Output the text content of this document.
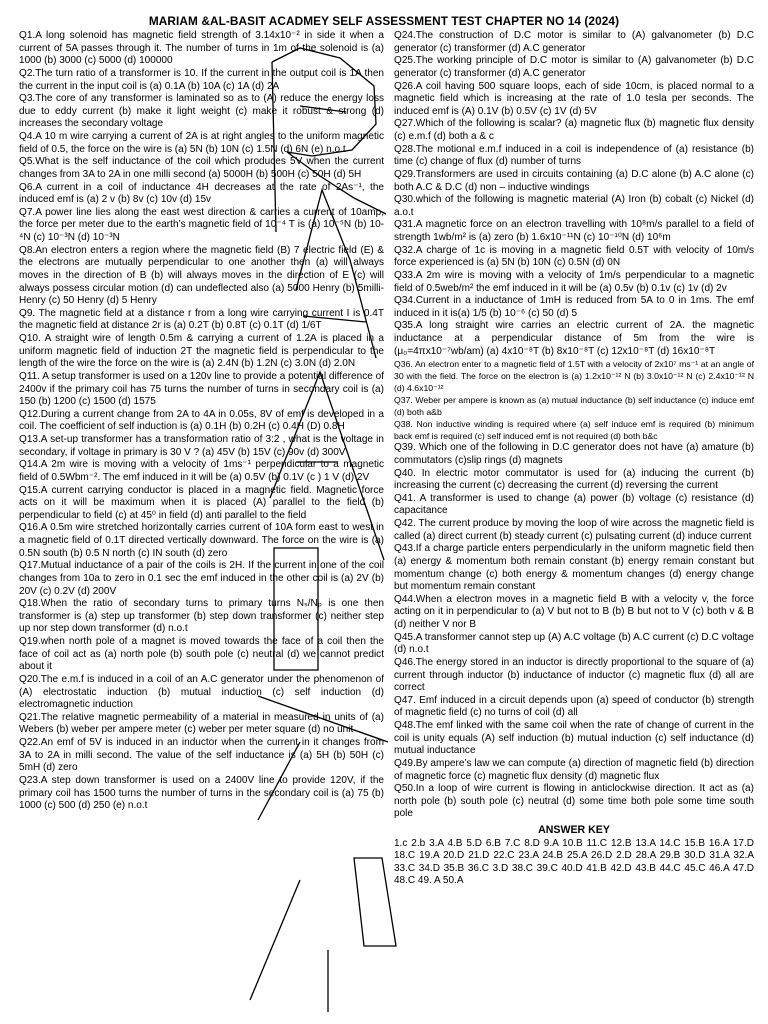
MARIAM &AL-BASIT ACADMEY SELF ASSESSMENT TEST CHAPTER NO 14 (2024)

Q1.A long solenoid has magnetic field strength of 3.14x10⁻² in side it when a current of 5A passes through it. The number of turns in 1m of the solenoid is (a) 1000 (b) 3000 (c) 5000 (d) 100000

Q2.The turn ratio of a transformer is 10. If the current in the output coil is 1A then the current in the input coil is (a) 0.1A (b) 10A (c) 1A (d) 2A

Q3.The core of any transformer is laminated so as to (A) reduce the energy loss due to eddy current (b) make it light weight (c) make it robust & strong (d) increases the secondary voltage

Q4.A 10 m wire carrying a current of 2A is at right angles to the uniform magnetic field of 0.5, the force on the wire is (a) 5N (b) 10N (c) 1.5N (d) 6N (e) n.o.t

Q5.What is the self inductance of the coil which produces 5V when the current changes from 3A to 2A in one milli second (a) 5000H (b) 500H (c) 50H (d) 5H

Q6.A current in a coil of inductance 4H decreases at the rate of 2As⁻¹, the induced emf is (a) 2 v (b) 8v (c) 10v (d) 15v

Q7.A power line lies along the east west direction & carries a current of 10amp, the force per meter due to the earth’s magnetic field of 10⁻⁴ T is (a) 10⁻⁵N (b) 10-⁴N (c) 10⁻³N (d) 10⁻³N

Q8.An electron enters a region where the magnetic field (B) 7 electric field (E) & the electrons are mutually perpendicular to one another then (a) will always moves in the direction of B (b) will always moves in the direction of E (c) will always possess circular motion (d) can undeflected also (a) 5000 Henry (b) 5milli-Henry (c) 50 Henry (d) 5 Henry

Q9. The magnetic field at a distance r from a long wire carrying current I is 0.4T the magnetic field at distance 2r is (a) 0.2T (b) 0.8T (c) 0.1T (d) 1/6T

Q10. A straight wire of length 0.5m & carrying a current of 1.2A is placed in a uniform magnetic field of induction 2T the magnetic field is perpendicular to the length of the wire the force on the wire is (a) 2.4N (b) 1.2N (c) 3.0N (d) 2.0N

Q11. A setup transformer is used on a 120v line to provide a potential difference of 2400v if the primary coil has 75 turns the number of turns in secondary coil is (a) 150 (b) 1200 (c) 1500 (d) 1575

Q12.During a current change from 2A to 4A in 0.05s, 8V of emf is developed in a coil. The coefficient of self induction is (a) 0.1H (b) 0.2H (c) 0.4H (D) 0.8H

Q13.A set-up transformer has a transformation ratio of 3:2 , what is the voltage in secondary, if voltage in primary is 30 V ? (a) 45V (b) 15V (c) 90v (d) 300V

Q14.A 2m wire is moving with a velocity of 1ms⁻¹ perpendicular to a magnetic field of 0.5Wbm⁻². The emf induced in it will be (a) 0.5V (b) 0.1V (c ) 1 V (d) 2V

Q15.A current carrying conductor is placed in a magnetic field. Magnetic force acts on it will be maximum when it is placed (A) parallel to the field (b) perpendicular to field (c) at 45⁰ in field (d) anti parallel to the field

Q16.A 0.5m wire stretched horizontally carries current of 10A form east to west in a magnetic field of 0.1T directed vertically downward. The force on the wire is (a) 0.5N south (b) 0.5 N north (c) IN south (d) zero

Q17.Mutual inductance of a pair of the coils is 2H. If the current in one of the coil changes from 10a to zero in 0.1 sec the emf induced in the other coil is (a) 2V (b) 20V (c) 0.2V (d) 200V

Q18.When the ratio of secondary turns to primary turns Nₛ/Nₚ is one then transformer is (a) step up transformer (b) step down transformer (c) neither step up nor step down transformer (d) n.o.t

Q19.when north pole of a magnet is moved towards the face of a coil then the face of coil act as (a) north pole (b) south pole (c) neutral (d) we cannot predict about it

Q20.The e.m.f is induced in a coil of an A.C generator under the phenomenon of (A) electrostatic induction (b) mutual induction (c) self induction (d) electromagnetic induction

Q21.The relative magnetic permeability of a material in measured in units of (a) Webers (b) weber per ampere meter (c) weber per meter square (d) no unit

Q22.An emf of 5V is induced in an inductor when the current in it changes from 3A to 2A in milli second. The value of the self inductance is (a) 5H (b) 50H (c) 5mH (d) zero

Q23.A step down transformer is used on a 2400V line to provide 120V, if the primary coil has 1500 turns the number of turns in the secondary coil is (a) 75 (b) 1000 (c) 500 (d) 250 (e) n.o.t

Q24.The construction of D.C motor is similar to (A) galvanometer (b) D.C generator (c) transformer (d) A.C generator

Q25.The working principle of D.C motor is similar to (A) galvanometer (b) D.C generator (c) transformer (d) A.C generator

Q26.A coil having 500 square loops, each of side 10cm, is placed normal to a magnetic field which is increasing at the rate of 1.0 tesla per seconds. The induced emf is (A) 0.1V (b) 0.5V (c) 1V (d) 5V

Q27.Which of the following is scalar? (a) magnetic flux (b) magnetic flux density (c) e.m.f (d) both a & c

Q28.The motional e.m.f induced in a coil is independence of (a) resistance (b) time (c) change of flux (d) number of turns

Q29.Transformers are used in circuits containing (a) D.C alone (b) A.C alone (c) both A.C & D.C (d) non – inductive windings

Q30.which of the following is magnetic material (A) Iron (b) cobalt (c) Nickel (d) a.o.t

Q31.A magnetic force on an electron travelling with 10⁸m/s parallel to a field of strength 1wb/m² is (a) zero (b) 1.6x10⁻¹¹N (c) 10⁻¹⁰N (d) 10⁶m

Q32.A charge of 1c is moving in a magnetic field 0.5T with velocity of 10m/s force experienced is (a) 5N (b) 10N (c) 0.5N (d) 0N

Q33.A 2m wire is moving with a velocity of 1m/s perpendicular to a magnetic field of 0.5web/m² the emf induced in it will be (a) 0.5v (b) 0.1v (c) 1v (d) 2v

Q34.Current in a inductance of 1mH is reduced from 5A to 0 in 1ms. The emf induced in it is(a) 1/5 (b) 10⁻⁶ (c) 50 (d) 5

Q35.A long straight wire carries an electric current of 2A. the magnetic inductance at a perpendicular distance of 5m from the wire is (μ₀=4πx10⁻⁷wb/am) (a) 4x10⁻⁸T (b) 8x10⁻⁸T (c) 12x10⁻⁸T (d) 16x10⁻⁸T

Q36. An electron enter to a magnetic field of 1.5T with a velocity of 2x10⁷ ms⁻¹ at an angle of 30 with the field. The force on the electron is (a) 1.2x10⁻¹² N (b) 3.0x10⁻¹² N (c) 2.4x10⁻¹² N (d) 4.6x10⁻¹²

Q37. Weber per ampere is known as (a) mutual inductance (b) self inductance (c) induce emf (d) both a&b

Q38. Non inductive winding is required where (a) self induce emf is required (b) minimum back emf is required (c) self induced emf is not required (d) both b&c

Q39. Which one of the following in D.C generator does not have (a) amature (b) commutators (c)slip rings (d) magnets

Q40. In electric motor commutator is used for (a) inducing the current (b) increasing the current (c) decreasing the current (d) reversing the current

Q41. A transformer is used to change (a) power (b) voltage (c) resistance (d) capacitance

Q42. The current produce by moving the loop of wire across the magnetic field is called (a) direct current (b) steady current (c) pulsating current (d) induce current

Q43.If a charge particle enters perpendicularly in the uniform magnetic field then (a) energy & momentum both remain constant (b) energy remain constant but momentum change (c) both energy & momentum changes (d) energy change but momentum remain constant

Q44.When a electron moves in a magnetic field B with a velocity v, the force acting on it in perpendicular to (a) V but not to B (b) B but not to V (c) both v & B (d) neither V nor B

Q45.A transformer cannot step up (A) A.C voltage (b) A.C current (c) D.C voltage (d) n.o.t

Q46.The energy stored in an inductor is directly proportional to the square of (a) current through inductor (b) inductance of inductor (c) magnetic flux (d) all are correct

Q47. Emf induced in a circuit depends upon (a) speed of conductor (b) strength of magnetic field (c) no turns of coil (d) all

Q48.The emf linked with the same coil when the rate of change of current in the coil is unity equals (A) self induction (b) mutual induction (c) self inductance (d) mutual inductance

Q49.By ampere’s law we can compute (a) direction of magnetic field (b) direction of magnetic force (c) magnetic flux density (d) magnetic flux

Q50.In a loop of wire current is flowing in anticlockwise direction. It act as (a) north pole (b) south pole (c) neutral (d) some time both pole some time south pole

ANSWER KEY
1.c 2.b 3.A 4.B 5.D 6.B 7.C 8.D 9.A 10.B 11.C 12.B 13.A 14.C 15.B 16.A 17.D 18.C 19.A 20.D 21.D 22.C 23.A 24.B 25.A 26.D 2.D 28.A 29.B 30.D 31.A 32.A 33.C 34.D 35.B 36.C 3.D 38.C 39.C 40.D 41.B 42.D 43.B 44.C 45.C 46.A 47.D 48.C 49. A 50.A
